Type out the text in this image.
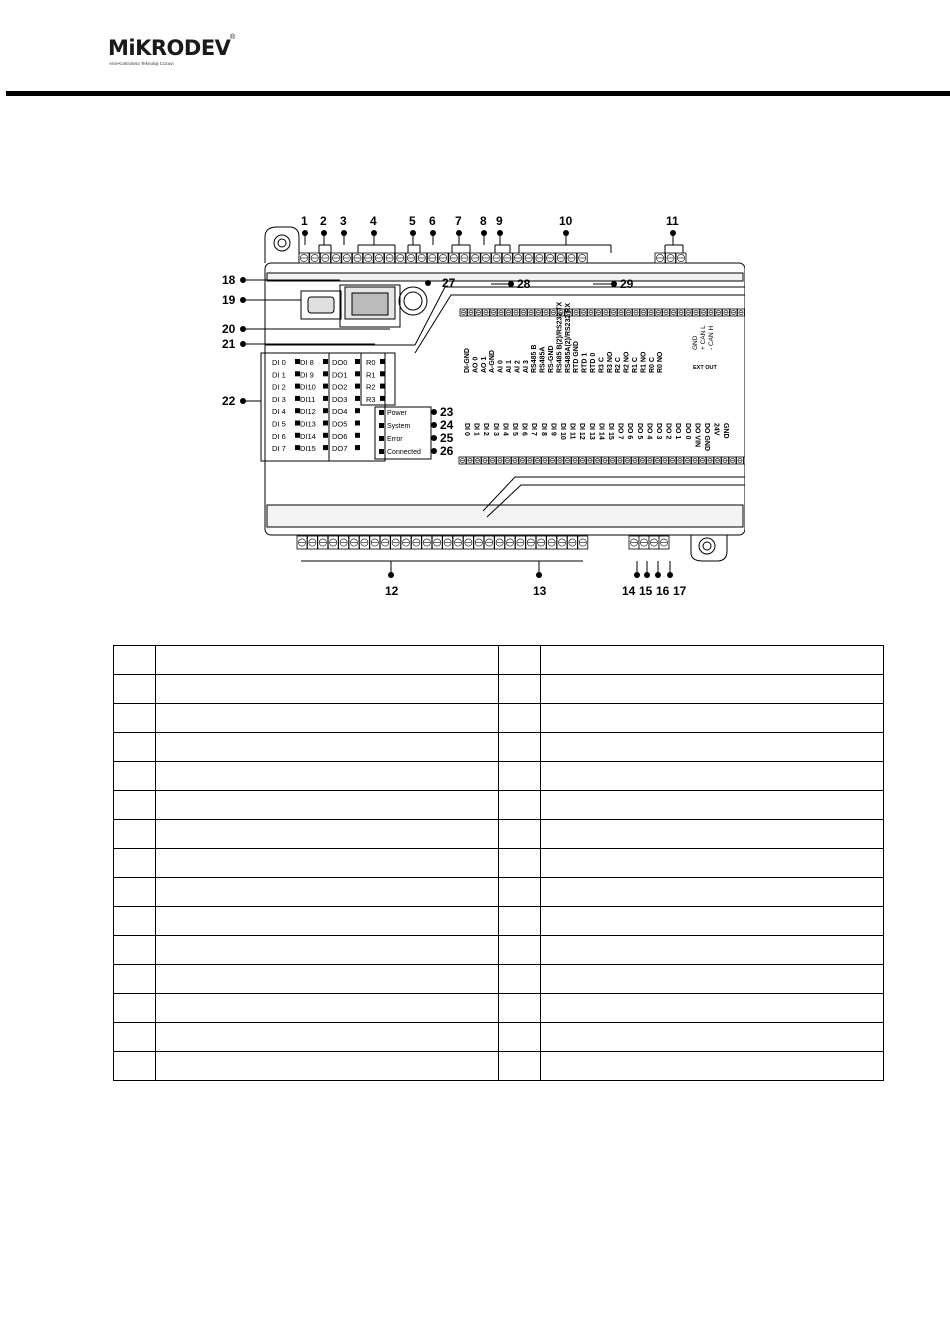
MiKRODEV ®
Anti-Kontroloso Teknoloji Cozuvi
1 2 3 4	5 6 7 8 9	10	11
18
19
20
21
22
12	13	14 15 16 17
23
24
25
26
27	28	29
DI 0
DI 1
DI 2
DI 3
DI 4
DI 5
DI 6
DI 7
DI 8
DI 9
DI10
DI11
DI12
DI13
DI14
DI15
DO0
DO1
DO2
DO3
DO4
DO5
DO6
DO7
R0
R1
R2
R3
Power
System
Error
Connected
DI-GND AO 0 AO 1 A-GND AI 0 AI 1 AI 2 AI 3 RS485 B RS485A RS-GND RS485 B(2)/RS232 TX RS485A(2)/RS232 RX RTD GND RTD 1 RTD 0 R3 C R3 NO R2 C R2 NO R1 C R1 NO R0 C R0 NO
GND + CAN L - CAN H
EXT OUT
DI 0 DI 1 DI 2 DI 3 DI 4 DI 5 DI 6 DI 7 DI 8 DI 9 DI 10 DI 11 DI 12 DI 13 DI 14 DI 15 DO 7 DO 6 DO 5 DO 4 DO 3 DO 2 DO 1 DO 0 DO VIN DO GND 24V GND
